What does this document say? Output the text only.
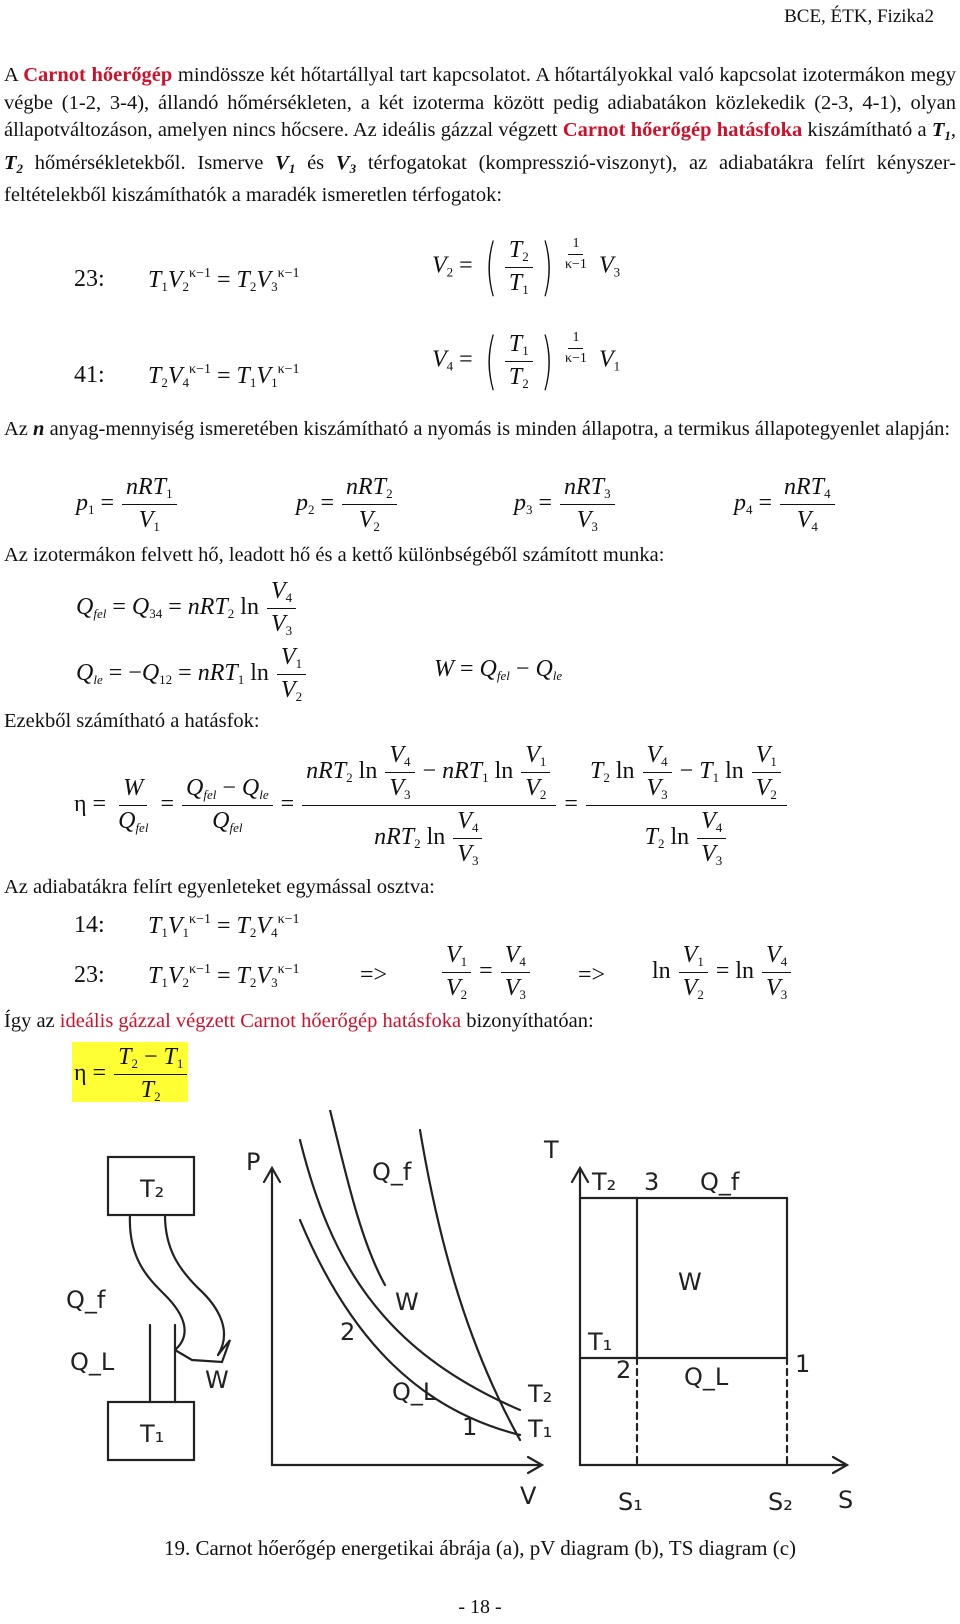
BCE, ÉTK, Fizika2
A Carnot hőerőgép mindössze két hőtartállyal tart kapcsolatot. A hőtartályokkal való kapcsolat izotermákon megy végbe (1-2, 3-4), állandó hőmérsékleten, a két izoterma között pedig adiabatákon közlekedik (2-3, 4-1), olyan állapotváltozáson, amelyen nincs hőcsere. Az ideális gázzal végzett Carnot hőerőgép hatásfoka kiszámítható a $T_1$, $T_2$ hőmérsékletekből. Ismerve $V_1$ és $V_3$ térfogatokat (kompresszió-viszonyt), az adiabatákra felírt kényszer-feltételekből kiszámíthatók a maradék ismeretlen térfogatok:
23: $T_1V_2^{\kappa-1} = T_2V_3^{\kappa-1}$	$V_2$ = ( $\frac{T_2}{T_1}$ ) $\frac{1}{\kappa-1} V_3$
41: $T_2V_4^{\kappa-1} = T_1V_1^{\kappa-1}$	$V_4$ = ( $\frac{T_1}{T_2}$ ) $\frac{1}{\kappa-1} V_1$
Az n anyag-mennyiség ismeretében kiszámítható a nyomás is minden állapotra, a termikus állapotegyenlet alapján:
$p_1 = \frac{nRT_1}{V_1}$	$p_2 = \frac{nRT_2}{V_2}$	$p_3 = \frac{nRT_3}{V_3}$	$p_4 = \frac{nRT_4}{V_4}$
Az izotermákon felvett hő, leadott hő és a kettő különbségéből számított munka:
$Q_{fel} = Q_{34} = nRT_2$ $\ln \frac{V_4}{V_3}$
$Q_{le} = -Q_{12} = nRT_1$ $\ln \frac{V_1}{V_2}$	$W = Q_{fel} - Q_{le}$
Ezekből számítható a hatásfok:
$\eta = \frac{W}{Q_{fel}} = \frac{Q_{fel} - Q_{le}}{Q_{fel}} = \frac{nRT_2 \ln \frac{V_4}{V_3} - nRT_1 \ln \frac{V_1}{V_2}}{nRT_2 \ln \frac{V_4}{V_3}} = \frac{T_2 \ln \frac{V_4}{V_3} - T_1 \ln \frac{V_1}{V_2}}{T_2 \ln \frac{V_4}{V_3}}$
Az adiabatákra felírt egyenleteket egymással osztva:
14: $T_1V_1^{\kappa-1} = T_2V_4^{\kappa-1}$
23: $T_1V_2^{\kappa-1} = T_2V_3^{\kappa-1}$	=> $\frac{V_1}{V_2} = \frac{V_4}{V_3} => \ln \frac{V_1}{V_2} = \ln \frac{V_4}{V_3}$
Így az ideális gázzal végzett Carnot hőerőgép hatásfoka bizonyíthatóan:
$\eta = \frac{T_2 - T_1}{T_2}$
T₂
T₁
Q_f
Q_L
W
P
V
Q_f
W
Q_L	T₂
T₁
2
1
T
S
T₂
T₁
Q_f
W
Q_L
3
2	1
S₁	S₂
19. Carnot hőerőgép energetikai ábrája (a), pV diagram (b), TS diagram (c)
- 18 -
